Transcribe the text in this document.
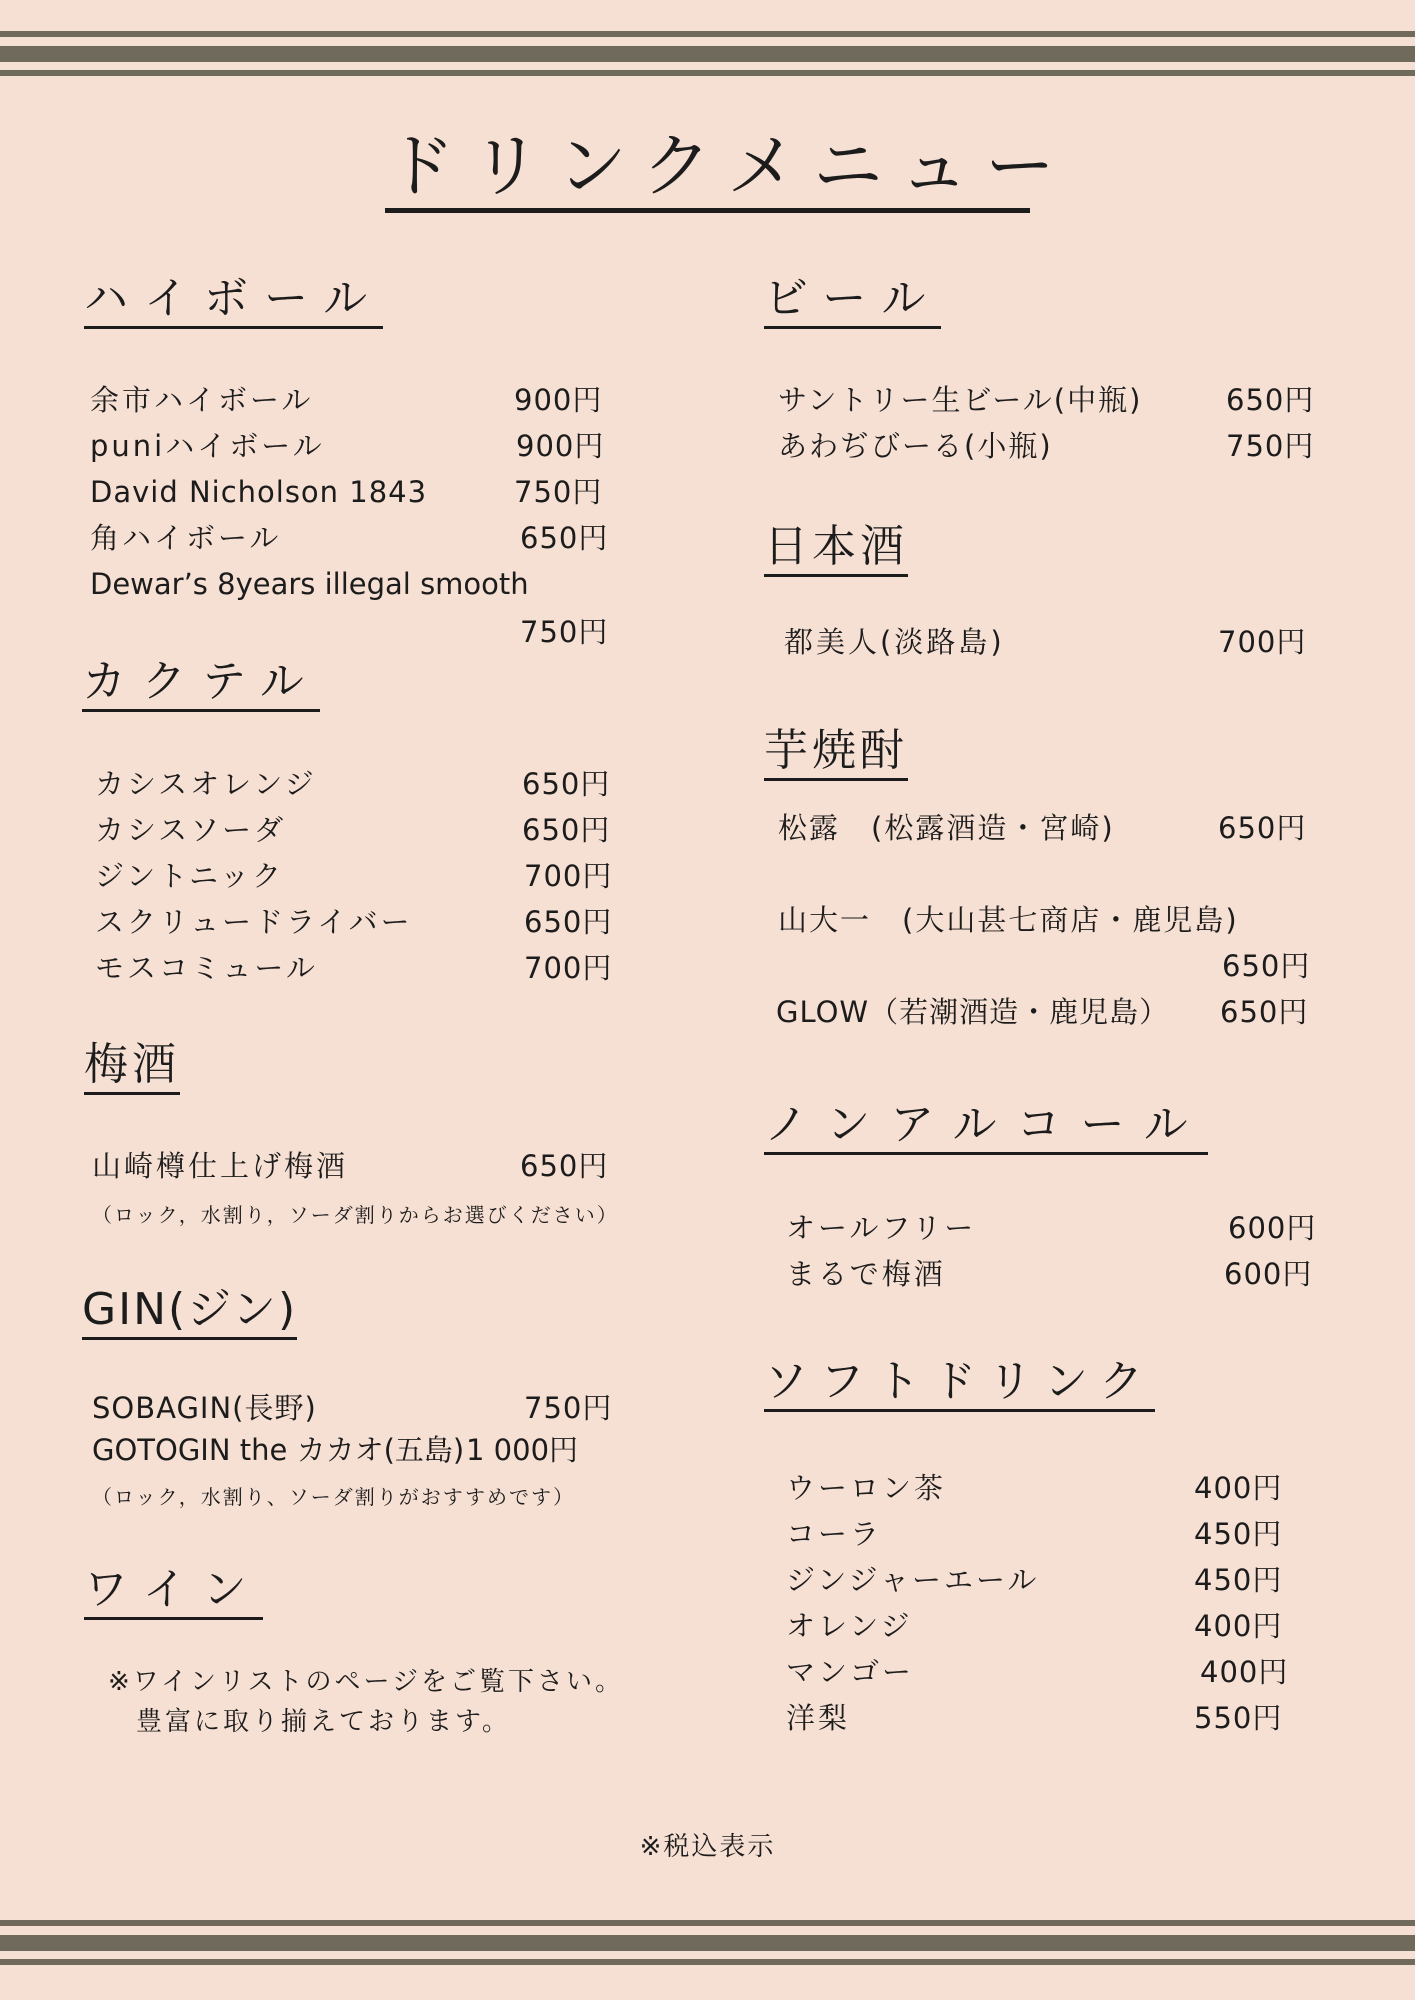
ドリンクメニュー
ハイボール
余市ハイボール	900円
puniハイボール	900円
David Nicholson 1843	750円
角ハイボール	650円
Dewar’s 8years illegal smooth
750円
カクテル
カシスオレンジ	650円
カシスソーダ	650円
ジントニック	700円
スクリュードライバー	650円
モスコミュール	700円
梅酒
山崎樽仕上げ梅酒	650円
（ロック，水割り，ソーダ割りからお選びください）
GIN(ジン)
SOBAGIN(長野)	750円
GOTOGIN the カカオ(五島) 1 000円
（ロック，水割り、ソーダ割りがおすすめです）
ワイン
※ワインリストのページをご覧下さい。
豊富に取り揃えております。
ビール
サントリー生ビール(中瓶)	650円
あわぢびーる(小瓶)	750円
日本酒
都美人(淡路島)	700円
芋焼酎
松露　(松露酒造・宮崎)	650円
山大一　(大山甚七商店・鹿児島)
650円
GLOW（若潮酒造・鹿児島） 650円
ノンアルコール
オールフリー	600円
まるで梅酒	600円
ソフトドリンク
ウーロン茶	400円
コーラ	450円
ジンジャーエール	450円
オレンジ	400円
マンゴー	400円
洋梨	550円
※税込表示
